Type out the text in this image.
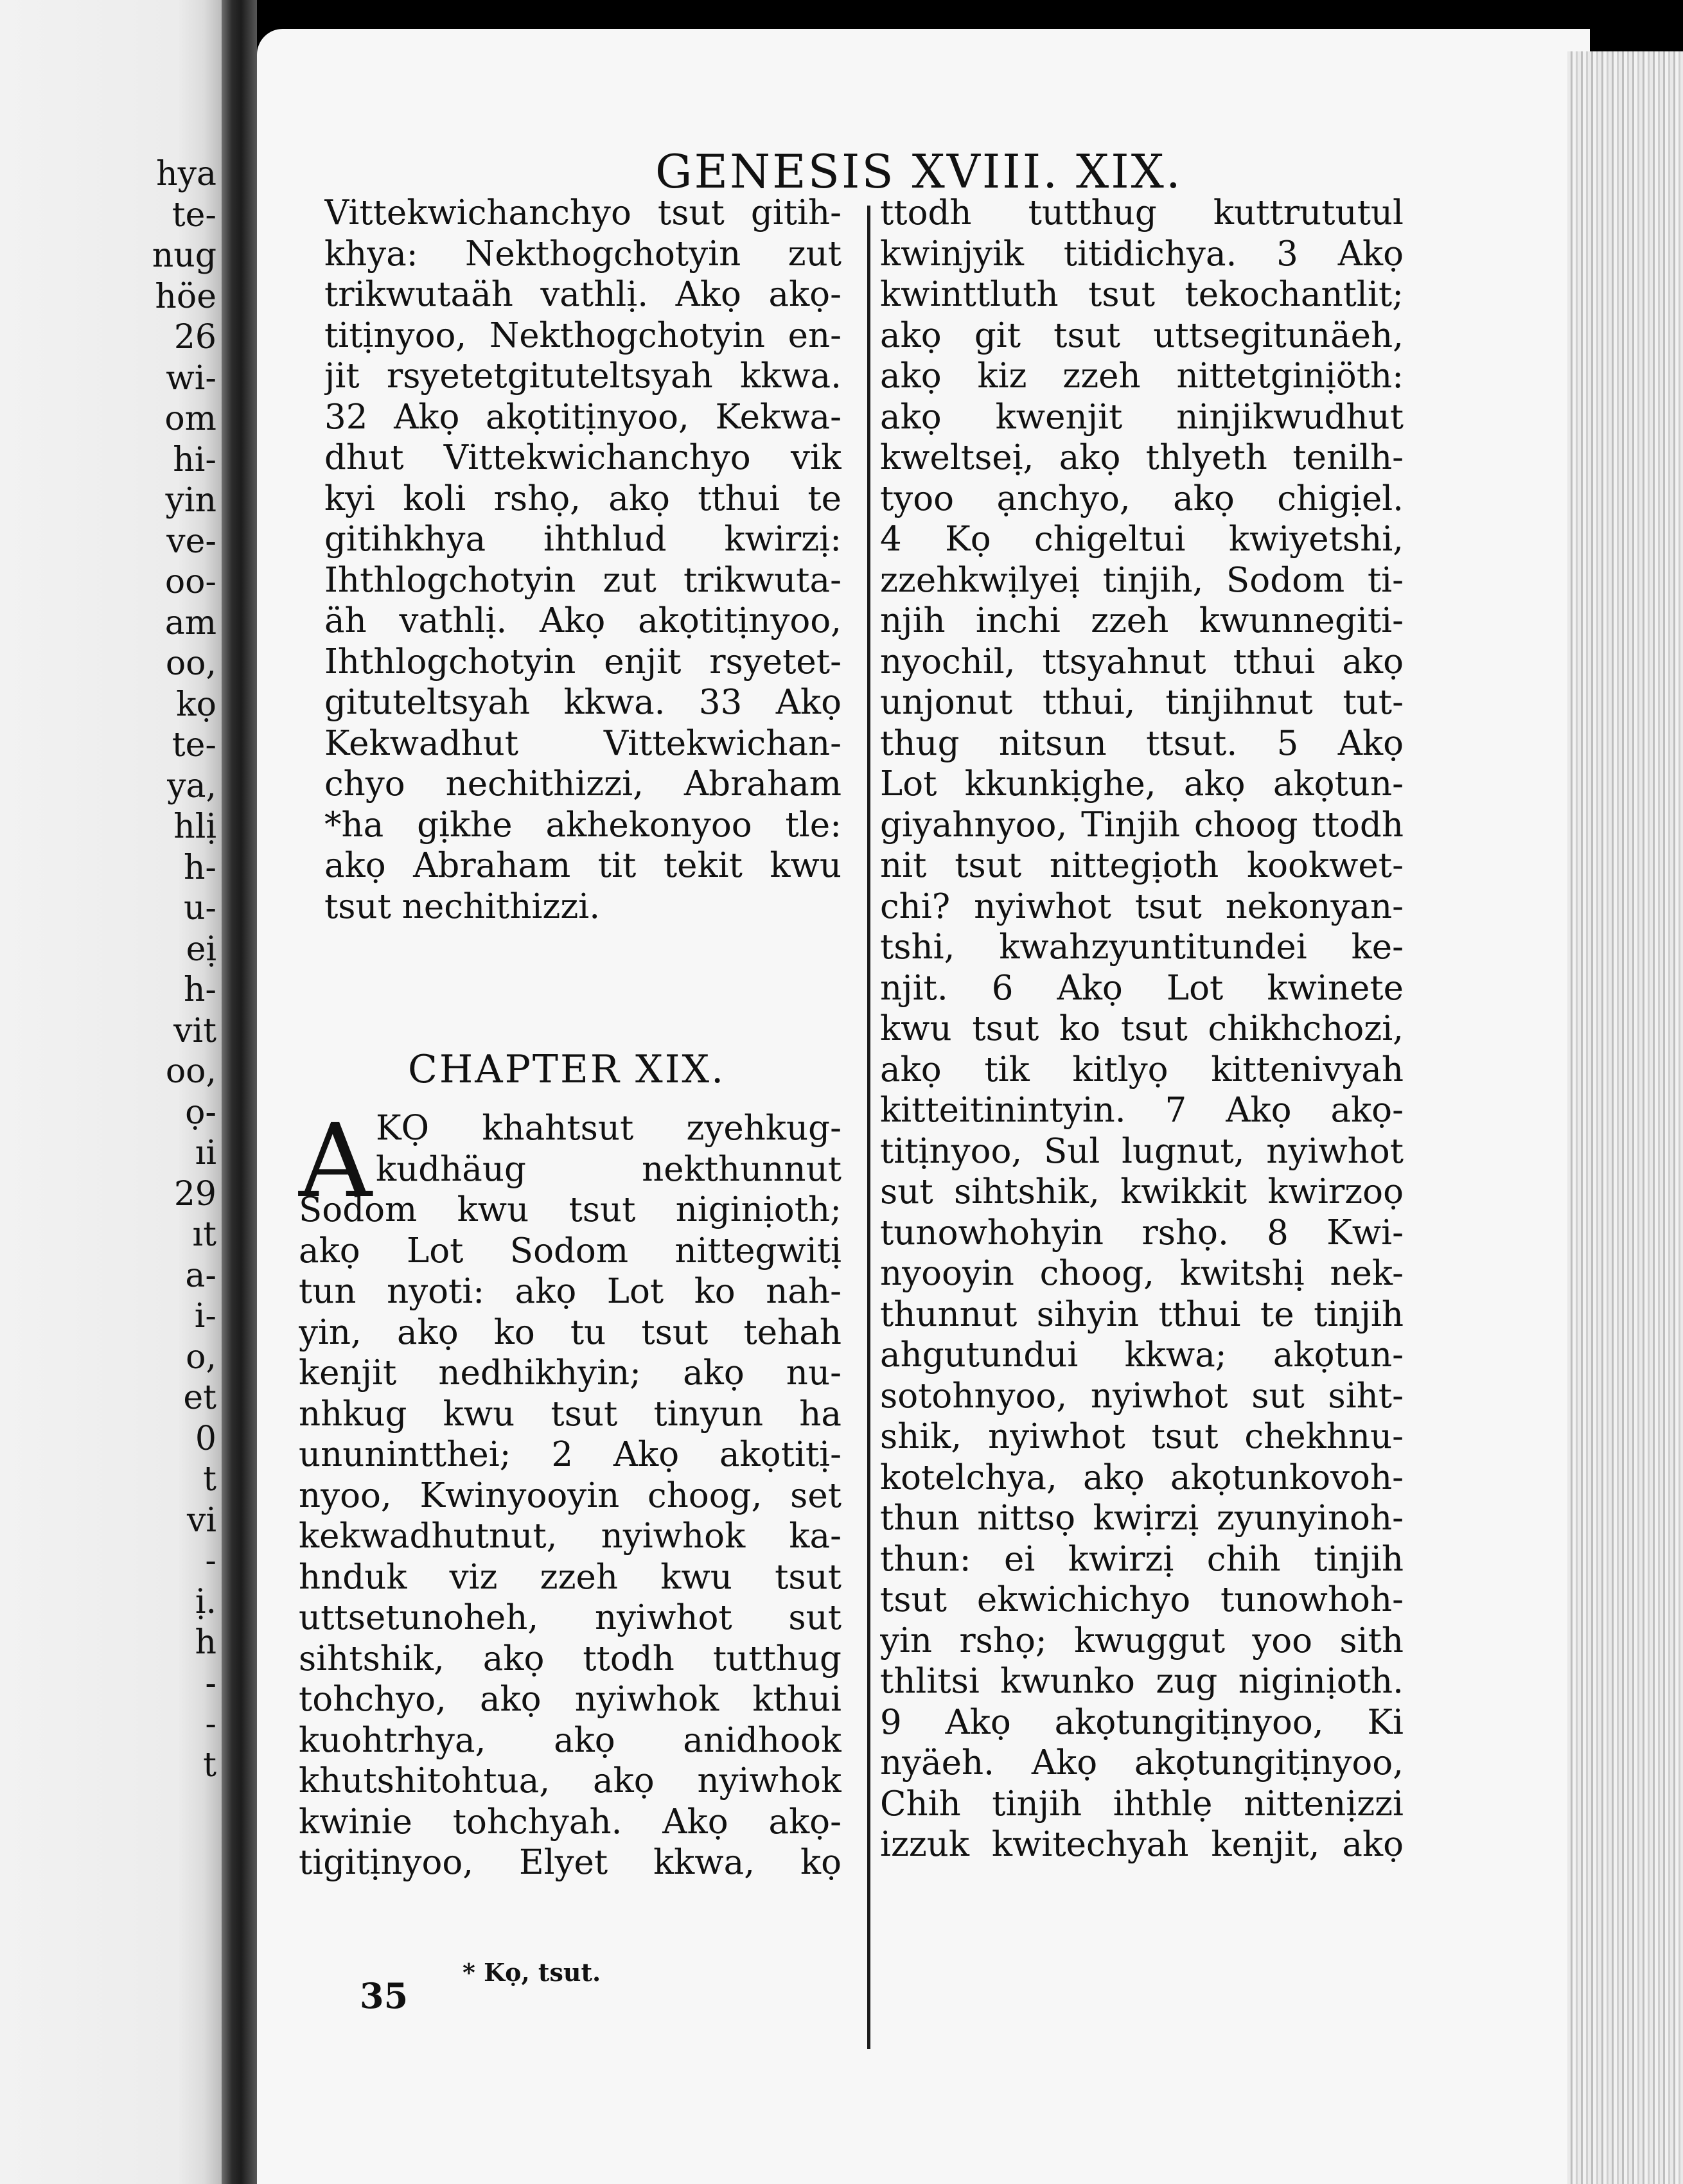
hya

te-

nug

höe

26

wi-

om

hi-

yin

ve-

oo-

am

oo,

kọ

te-

ya,

hlị

h-

u-

eị

h-

vit

oo,

ọ-

ıi

29

ıt

a-

i-

o,

et

0

t

vi

-

ị.

h

-

-

t

GENESIS XVIII. XIX.
Vittekwichanchyo tsut gitih-
khya: Nekthogchotyin zut
trikwutaäh vathlị. Akọ akọ-
titịnyoo, Nekthogchotyin en-
jit rsyetetgituteltsyah kkwa.
32 Akọ akọtitịnyoo, Kekwa-
dhut Vittekwichanchyo vik
kyi koli rshọ, akọ tthui te
gitihkhya ihthlud kwirzị:
Ihthlogchotyin zut trikwuta-
äh vathlị. Akọ akọtitịnyoo,
Ihthlogchotyin enjit rsyetet-
gituteltsyah kkwa. 33 Akọ
Kekwadhut Vittekwichan-
chyo nechithizzi, Abraham
*ha gịkhe akhekonyoo tle:
akọ Abraham tit tekit kwu
tsut nechithizzi.
CHAPTER XIX.

A KỌ khahtsut zyehkug-
kudhäug nekthunnut
Sodom kwu tsut niginịoth;
akọ Lot Sodom nittegwitị
tun nyoti: akọ Lot ko nah-
yin, akọ ko tu tsut tehah
kenjit nedhikhyin; akọ nu-
nhkug kwu tsut tinyun ha
ununintthei; 2 Akọ akọtitị-
nyoo, Kwinyooyin choog, set
kekwadhutnut, nyiwhok ka-
hnduk viz zzeh kwu tsut
uttsetunoheh, nyiwhot sut
sihtshik, akọ ttodh tutthug
tohchyo, akọ nyiwhok kthui
kuohtrhya, akọ anidhook
khutshitohtua, akọ nyiwhok
kwinie tohchyah. Akọ akọ-
tigitịnyoo, Elyet kkwa, kọ
ttodh tutthug kuttrututul
kwinjyik titidichya. 3 Akọ
kwinttluth tsut tekochantlit;
akọ git tsut uttsegitunäeh,
akọ kiz zzeh nittetginịöth:
akọ kwenjit ninjikwudhut
kweltseị, akọ thlyeth tenilh-
tyoo ạnchyo, akọ chigịel.
4 Kọ chigeltui kwiyetshi,
zzehkwịlyeị tinjih, Sodom ti-
njih inchi zzeh kwunnegiti-
nyochil, ttsyahnut tthui akọ
unjonut tthui, tinjihnut tut-
thug nitsun ttsut. 5 Akọ
Lot kkunkịghe, akọ akọtun-
giyahnyoo, Tinjih choog ttodh
nit tsut nittegịoth kookwet-
chi? nyiwhot tsut nekonyan-
tshi, kwahzyuntitundei ke-
njit. 6 Akọ Lot kwinete
kwu tsut ko tsut chikhchozi,
akọ tik kitlyọ kittenivyah
kitteitinintyin. 7 Akọ akọ-
titịnyoo, Sul lugnut, nyiwhot
sut sihtshik, kwikkit kwirzoọ
tunowhohyin rshọ. 8 Kwi-
nyooyin choog, kwitshị nek-
thunnut sihyin tthui te tinjih
ahgutundui kkwa; akọtun-
sotohnyoo, nyiwhot sut siht-
shik, nyiwhot tsut chekhnu-
kotelchya, akọ akọtunkovoh-
thun nittsọ kwịrzị zyunyinoh-
thun: ei kwirzị chih tinjih
tsut ekwichichyo tunowhoh-
yin rshọ; kwuggut yoo sith
thlitsi kwunko zug niginịoth.
9 Akọ akọtungitịnyoo, Ki
nyäeh. Akọ akọtungitịnyoo,
Chih tinjih ihthlẹ nittenịzzi
izzuk kwitechyah kenjit, akọ

* Kọ, tsut.

35
